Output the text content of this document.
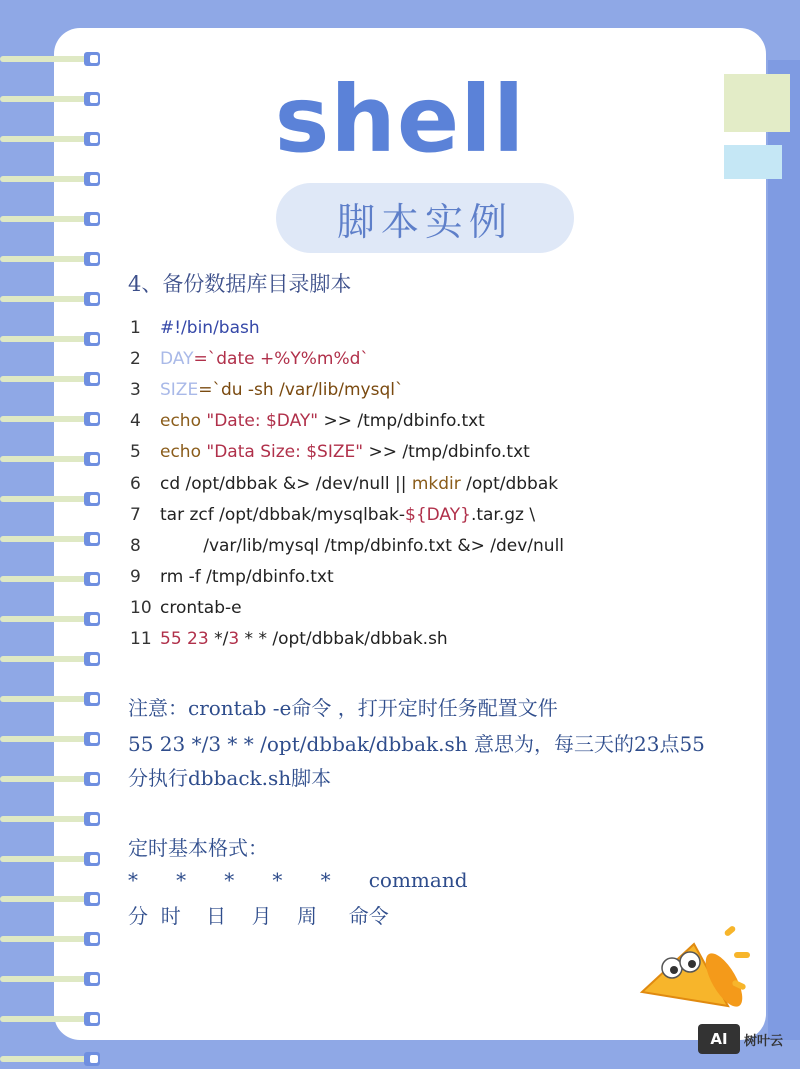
shell
脚本实例
4、备份数据库目录脚本
1	#!/bin/bash
2	DAY =`date +%Y%m%d`
3	SIZE =`du -sh /var/lib/mysql`
4	echo "Date: $DAY" >> /tmp/dbinfo.txt
5	echo "Data Size: $SIZE" >> /tmp/dbinfo.txt
6	cd /opt/dbbak &> /dev/null || mkdir /opt/dbbak
7	tar zcf /opt/dbbak/mysqlbak- ${DAY} .tar.gz \
8	/var/lib/mysql /tmp/dbinfo.txt &> /dev/null
9	rm -f /tmp/dbinfo.txt
10 crontab-e
11 55 23 */ 3 * * /opt/dbbak/dbbak.sh
注意：crontab -e命令 ，打开定时任务配置文件
55 23 */3 * * /opt/dbbak/dbbak.sh 意思为，每三天的23点55
分执行dbback.sh脚本
定时基本格式：
*      *      *      *      *      command
分  时    日    月    周     命令
AI	树叶云
